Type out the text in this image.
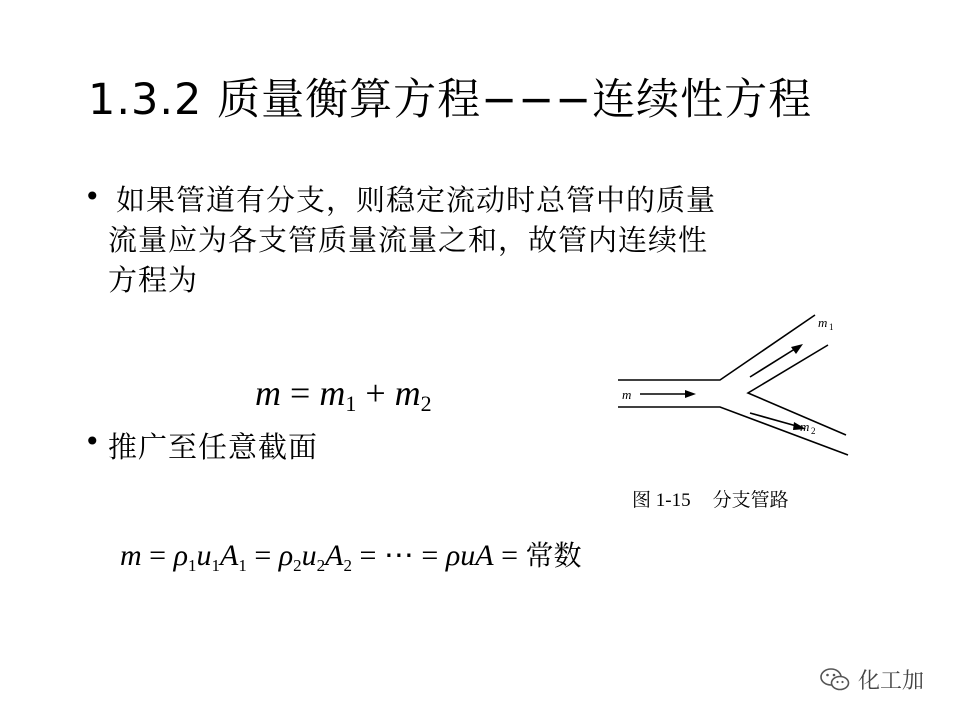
1.3.2 质量衡算方程−−−连续性方程
• 如果管道有分支，则稳定流动时总管中的质量
流量应为各支管质量流量之和，故管内连续性
方程为
$m = m_1 + m_2$
• 推广至任意截面
m
m 1
m 2
图 1-15 分支管路
$m = \rho_1u_1A_1 = \rho_2u_2A_2$ = ⋯ = ρuA = 常数
化工加
